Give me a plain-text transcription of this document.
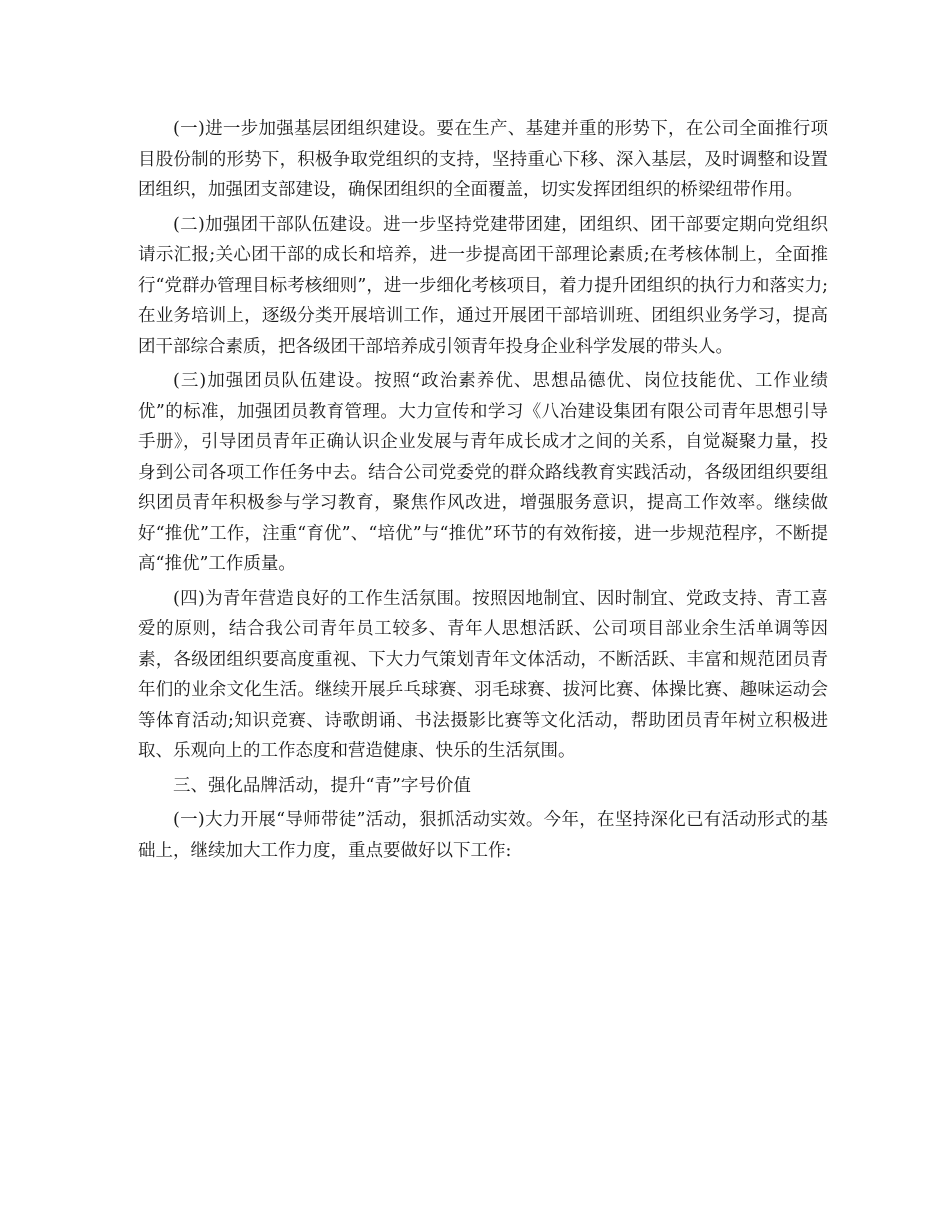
(一)进一步加强基层团组织建设。要在生产、基建并重的形势下，在公司全面推行项目股份制的形势下，积极争取党组织的支持，坚持重心下移、深入基层，及时调整和设置团组织，加强团支部建设，确保团组织的全面覆盖，切实发挥团组织的桥梁纽带作用。

(二)加强团干部队伍建设。进一步坚持党建带团建，团组织、团干部要定期向党组织请示汇报;关心团干部的成长和培养，进一步提高团干部理论素质;在考核体制上，全面推行“党群办管理目标考核细则”，进一步细化考核项目，着力提升团组织的执行力和落实力;在业务培训上，逐级分类开展培训工作，通过开展团干部培训班、团组织业务学习，提高团干部综合素质，把各级团干部培养成引领青年投身企业科学发展的带头人。

(三)加强团员队伍建设。按照“政治素养优、思想品德优、岗位技能优、工作业绩优”的标准，加强团员教育管理。大力宣传和学习《八冶建设集团有限公司青年思想引导手册》，引导团员青年正确认识企业发展与青年成长成才之间的关系，自觉凝聚力量，投身到公司各项工作任务中去。结合公司党委党的群众路线教育实践活动，各级团组织要组织团员青年积极参与学习教育，聚焦作风改进，增强服务意识，提高工作效率。继续做好“推优”工作，注重“育优”、“培优”与“推优”环节的有效衔接，进一步规范程序，不断提高“推优”工作质量。

(四)为青年营造良好的工作生活氛围。按照因地制宜、因时制宜、党政支持、青工喜爱的原则，结合我公司青年员工较多、青年人思想活跃、公司项目部业余生活单调等因素，各级团组织要高度重视、下大力气策划青年文体活动，不断活跃、丰富和规范团员青年们的业余文化生活。继续开展乒乓球赛、羽毛球赛、拔河比赛、体操比赛、趣味运动会等体育活动;知识竞赛、诗歌朗诵、书法摄影比赛等文化活动，帮助团员青年树立积极进取、乐观向上的工作态度和营造健康、快乐的生活氛围。

三、强化品牌活动，提升“青”字号价值

(一)大力开展“导师带徒”活动，狠抓活动实效。今年，在坚持深化已有活动形式的基础上，继续加大工作力度，重点要做好以下工作:
